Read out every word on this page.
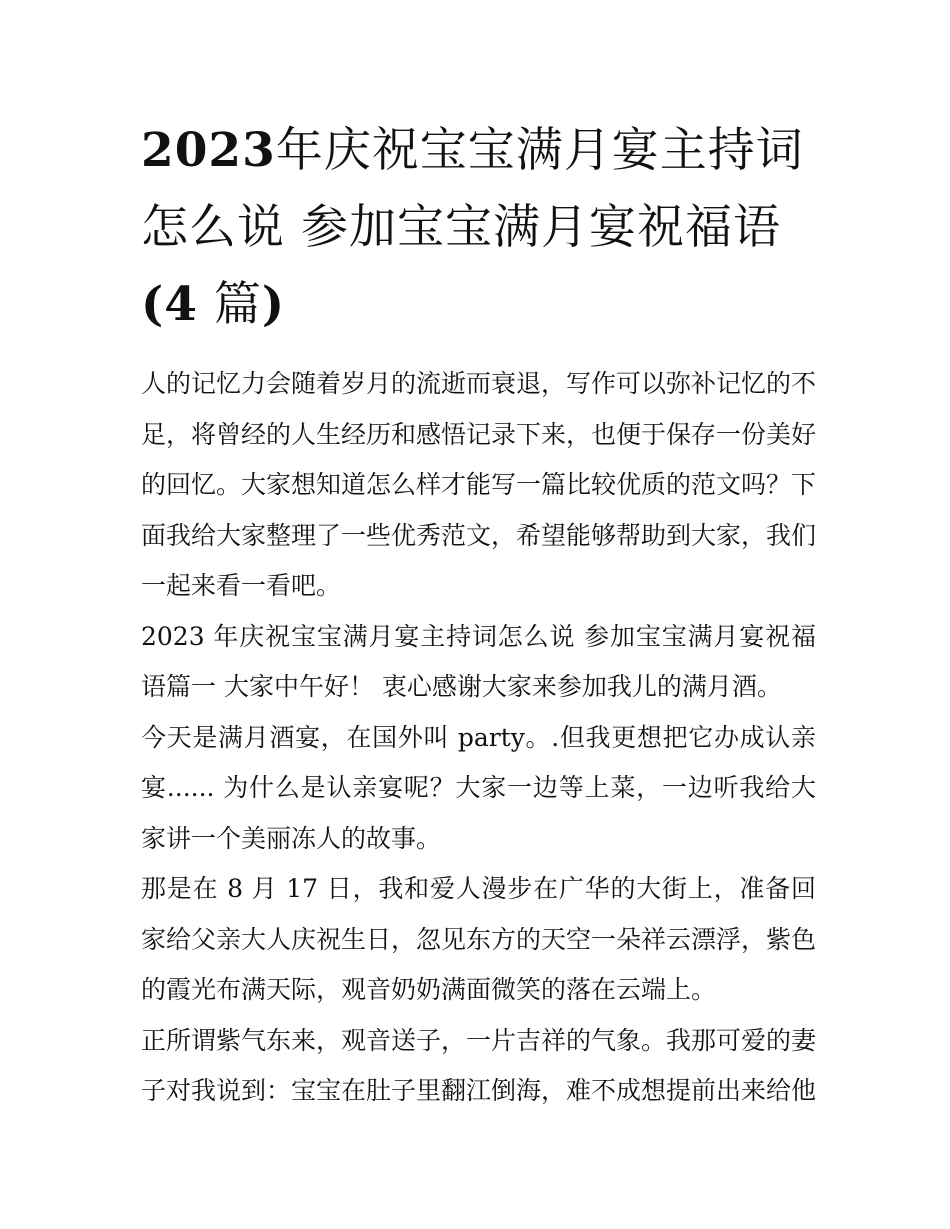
2023年庆祝宝宝满月宴主持词
怎么说 参加宝宝满月宴祝福语
(4 篇)

人的记忆力会随着岁月的流逝而衰退，写作可以弥补记忆的不足，将曾经的人生经历和感悟记录下来，也便于保存一份美好的回忆。大家想知道怎么样才能写一篇比较优质的范文吗？下面我给大家整理了一些优秀范文，希望能够帮助到大家，我们一起来看一看吧。

2023 年庆祝宝宝满月宴主持词怎么说 参加宝宝满月宴祝福语篇一 大家中午好！ 衷心感谢大家来参加我儿的满月酒。

今天是满月酒宴，在国外叫 party。.但我更想把它办成认亲宴...... 为什么是认亲宴呢？大家一边等上菜，一边听我给大家讲一个美丽冻人的故事。

那是在 8 月 17 日，我和爱人漫步在广华的大街上，准备回家给父亲大人庆祝生日，忽见东方的天空一朵祥云漂浮，紫色的霞光布满天际，观音奶奶满面微笑的落在云端上。

正所谓紫气东来，观音送子，一片吉祥的气象。我那可爱的妻子对我说到：宝宝在肚子里翻江倒海，难不成想提前出来给他
